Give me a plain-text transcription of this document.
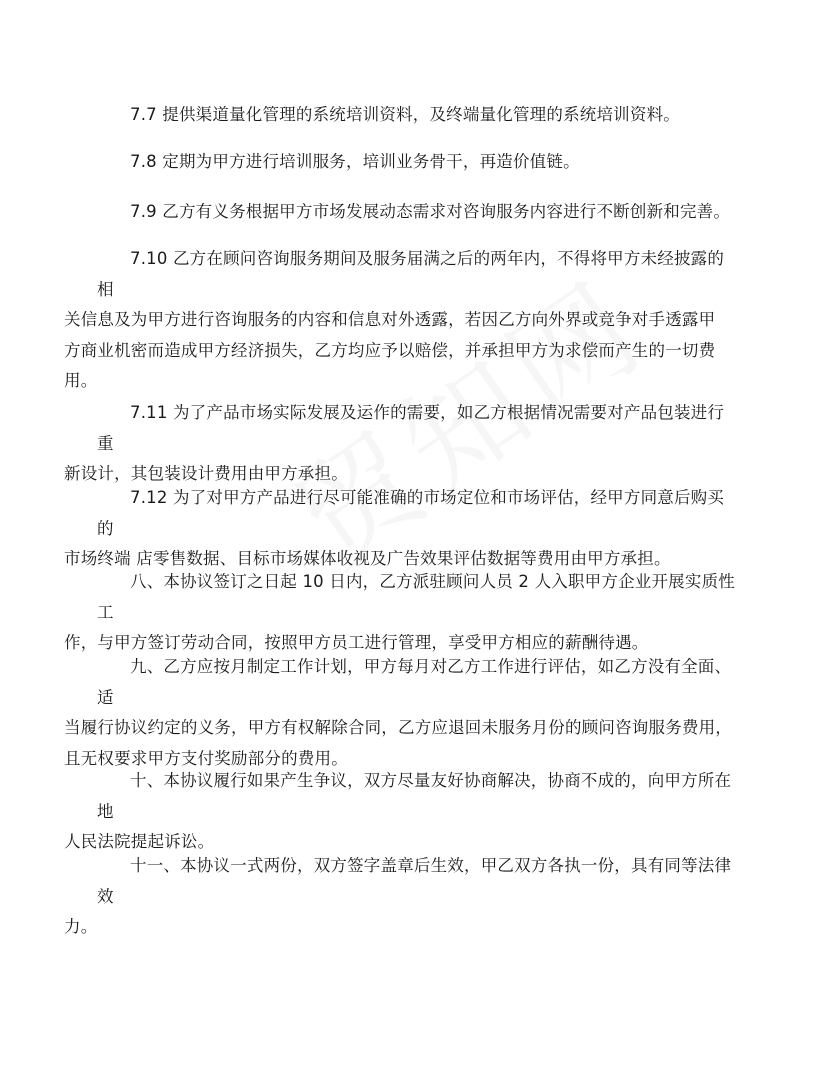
7.7 提供渠道量化管理的系统培训资料，及终端量化管理的系统培训资料。

7.8 定期为甲方进行培训服务，培训业务骨干，再造价值链。

7.9 乙方有义务根据甲方市场发展动态需求对咨询服务内容进行不断创新和完善。

7.10 乙方在顾问咨询服务期间及服务届满之后的两年内，不得将甲方未经披露的相
关信息及为甲方进行咨询服务的内容和信息对外透露，若因乙方向外界或竞争对手透露甲
方商业机密而造成甲方经济损失，乙方均应予以赔偿，并承担甲方为求偿而产生的一切费
用。

7.11 为了产品市场实际发展及运作的需要，如乙方根据情况需要对产品包装进行重
新设计，其包装设计费用由甲方承担。

7.12 为了对甲方产品进行尽可能准确的市场定位和市场评估，经甲方同意后购买的
市场终端 店零售数据、目标市场媒体收视及广告效果评估数据等费用由甲方承担。

八、本协议签订之日起 10 日内，乙方派驻顾问人员 2 人入职甲方企业开展实质性工
作，与甲方签订劳动合同，按照甲方员工进行管理，享受甲方相应的薪酬待遇。

九、乙方应按月制定工作计划，甲方每月对乙方工作进行评估，如乙方没有全面、适
当履行协议约定的义务，甲方有权解除合同，乙方应退回未服务月份的顾问咨询服务费用，
且无权要求甲方支付奖励部分的费用。

十、本协议履行如果产生争议，双方尽量友好协商解决，协商不成的，向甲方所在地
人民法院提起诉讼。

十一、本协议一式两份，双方签字盖章后生效，甲乙双方各执一份，具有同等法律效
力。
